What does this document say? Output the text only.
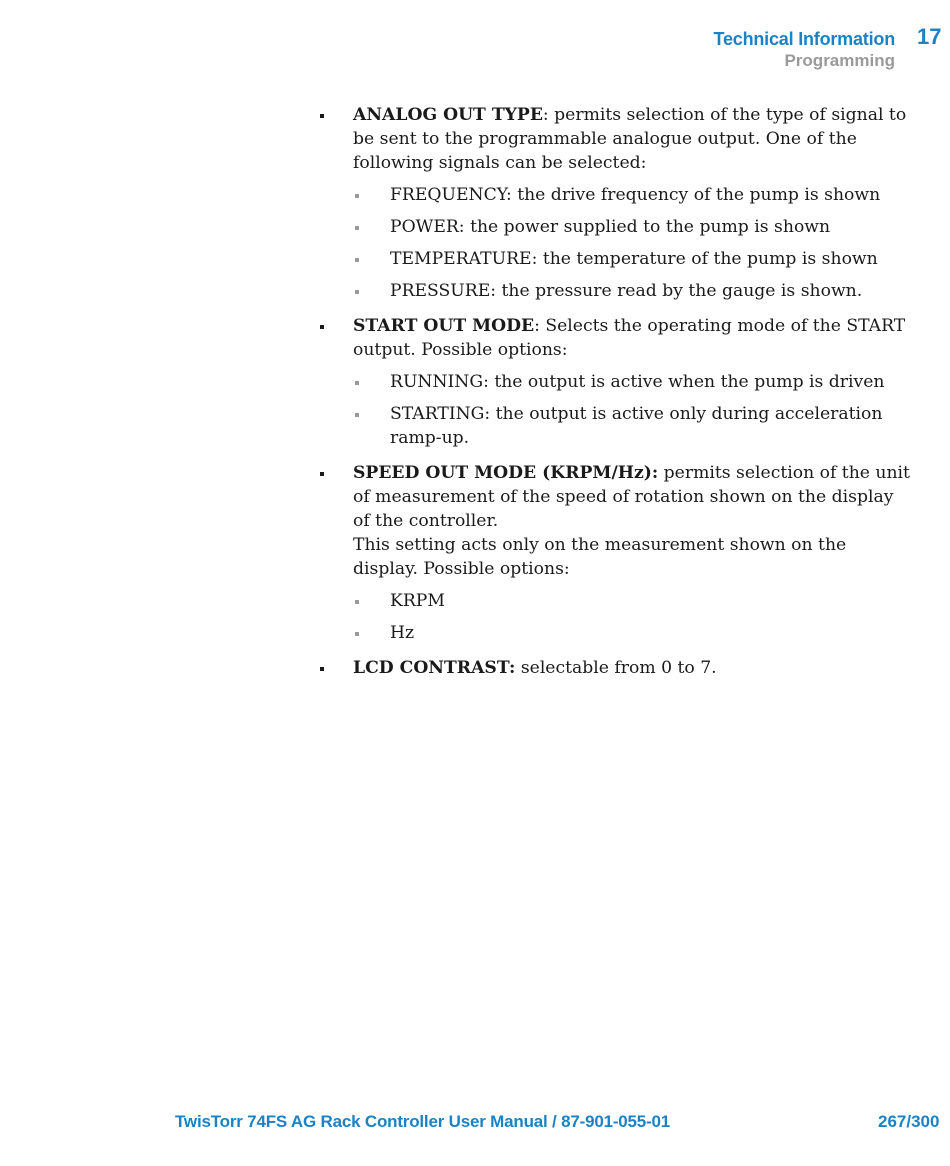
Technical Information
Programming
17
ANALOG OUT TYPE: permits selection of the type of signal to be sent to the programmable analogue output. One of the following signals can be selected:
FREQUENCY: the drive frequency of the pump is shown
POWER: the power supplied to the pump is shown
TEMPERATURE: the temperature of the pump is shown
PRESSURE: the pressure read by the gauge is shown.
START OUT MODE: Selects the operating mode of the START output. Possible options:
RUNNING: the output is active when the pump is driven
STARTING: the output is active only during acceleration ramp-up.
SPEED OUT MODE (KRPM/Hz): permits selection of the unit of measurement of the speed of rotation shown on the display of the controller.
This setting acts only on the measurement shown on the display. Possible options:
KRPM
Hz
LCD CONTRAST: selectable from 0 to 7.
TwisTorr 74FS AG Rack Controller User Manual / 87-901-055-01	267/300
